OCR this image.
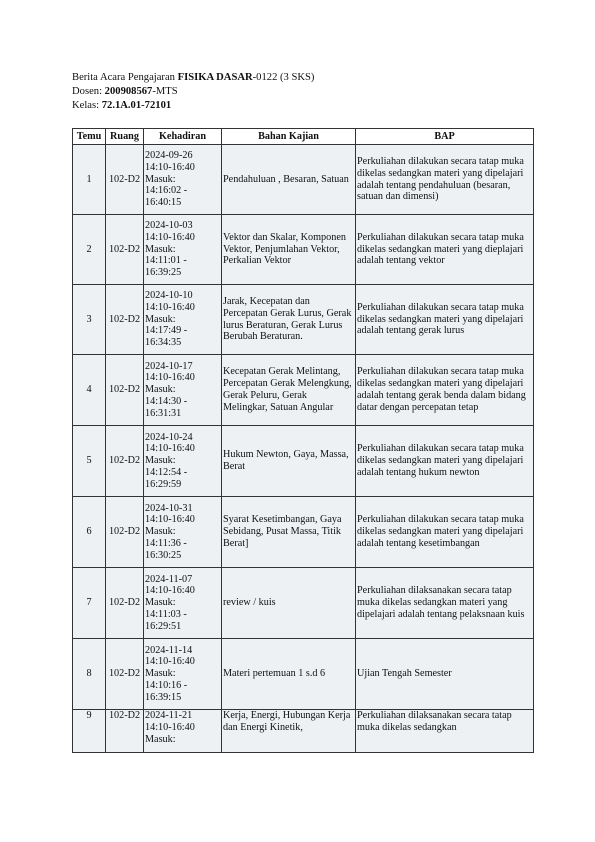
Berita Acara Pengajaran FISIKA DASAR-0122 (3 SKS)
Dosen: 200908567-MTS
Kelas: 72.1A.01-72101
Temu	Ruang	Kehadiran	Bahan Kajian	BAP
1	102-D2	2024-09-26
14:10-16:40
Masuk:
14:16:02 -
16:40:15	Pendahuluan , Besaran, Satuan	Perkuliahan dilakukan secara tatap muka dikelas sedangkan materi yang dipelajari adalah tentang pendahuluan (besaran, satuan dan dimensi)

2	102-D2	2024-10-03
14:10-16:40
Masuk:
14:11:01 -
16:39:25	Vektor dan Skalar, Komponen Vektor, Penjumlahan Vektor, Perkalian Vektor	Perkuliahan dilakukan secara tatap muka dikelas sedangkan materi yang dieplajari adalah tentang vektor

3	102-D2	2024-10-10
14:10-16:40
Masuk:
14:17:49 -
16:34:35	Jarak, Kecepatan dan Percepatan Gerak Lurus, Gerak lurus Beraturan, Gerak Lurus Berubah Beraturan.	Perkuliahan dilakukan secara tatap muka dikelas sedangkan materi yang dipelajari adalah tentang gerak lurus

4	102-D2	2024-10-17
14:10-16:40
Masuk:
14:14:30 -
16:31:31	Kecepatan Gerak Melintang, Percepatan Gerak Melengkung, Gerak Peluru, Gerak Melingkar, Satuan Angular	Perkuliahan dilakukan secara tatap muka dikelas sedangkan materi yang dipelajari adalah tentang gerak benda dalam bidang datar dengan percepatan tetap

5	102-D2	2024-10-24
14:10-16:40
Masuk:
14:12:54 -
16:29:59	Hukum Newton, Gaya, Massa, Berat	Perkuliahan dilakukan secara tatap muka dikelas sedangkan materi yang dipelajari adalah tentang hukum newton

6	102-D2	2024-10-31
14:10-16:40
Masuk:
14:11:36 -
16:30:25	Syarat Kesetimbangan, Gaya Sebidang, Pusat Massa, Titik Berat]	Perkuliahan dilakukan secara tatap muka dikelas sedangkan materi yang dipelajari adalah tentang kesetimbangan

7	102-D2	2024-11-07
14:10-16:40
Masuk:
14:11:03 -
16:29:51	review / kuis	Perkuliahan dilaksanakan secara tatap muka dikelas sedangkan materi yang dipelajari adalah tentang pelaksnaan kuis

8	102-D2	2024-11-14
14:10-16:40
Masuk:
14:10:16 -
16:39:15	Materi pertemuan 1 s.d 6	Ujian Tengah Semester

9	102-D2	2024-11-21
14:10-16:40
Masuk:	Kerja, Energi, Hubungan Kerja dan Energi Kinetik,	Perkuliahan dilaksanakan secara tatap muka dikelas sedangkan
